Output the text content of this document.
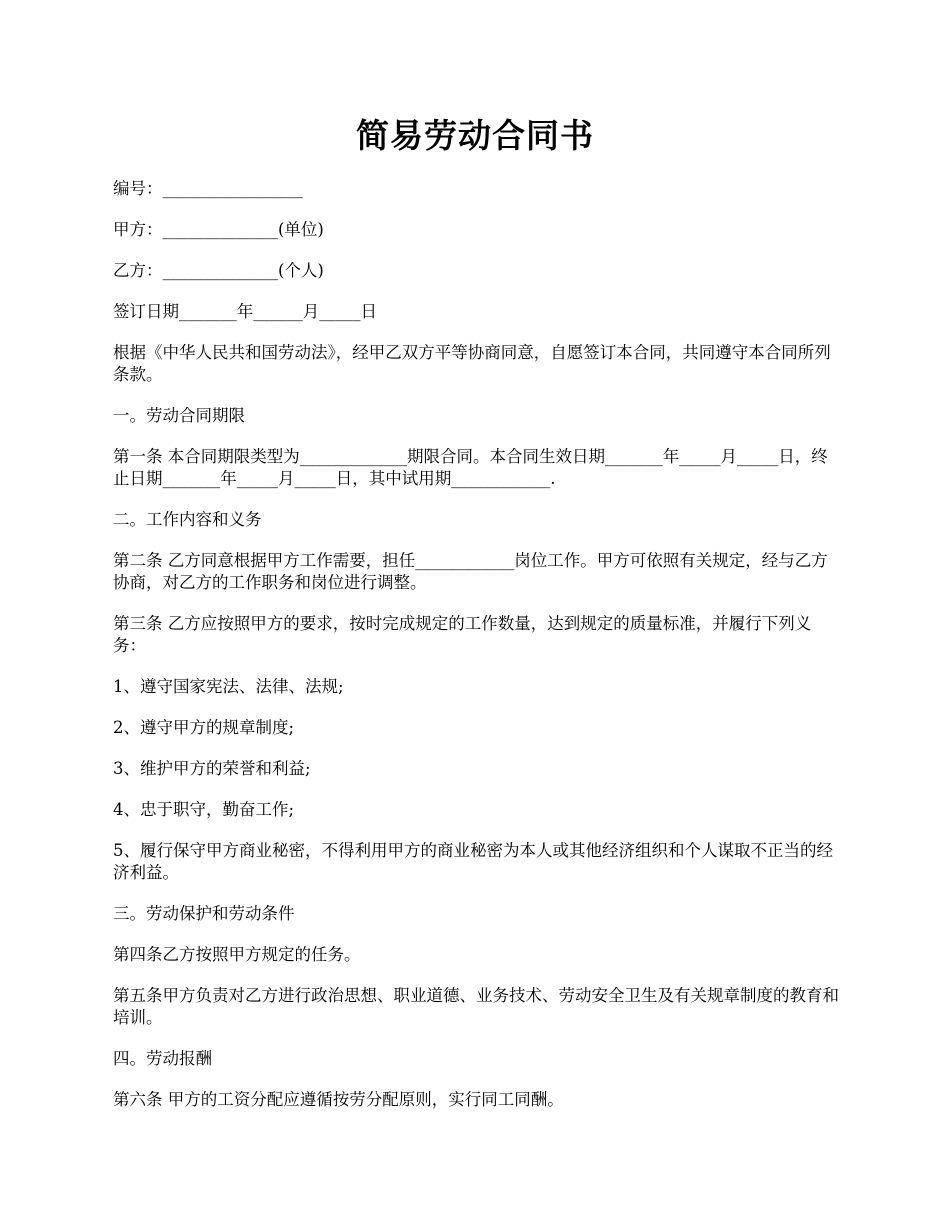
简易劳动合同书

编号：_________________

甲方：______________(单位)

乙方：______________(个人)

签订日期_______年______月_____日

根据《中华人民共和国劳动法》，经甲乙双方平等协商同意，自愿签订本合同，共同遵守本合同所列条款。

一。劳动合同期限

第一条 本合同期限类型为_____________期限合同。本合同生效日期_______年_____月_____日，终止日期_______年_____月_____日，其中试用期____________.

二。工作内容和义务

第二条 乙方同意根据甲方工作需要，担任____________岗位工作。甲方可依照有关规定，经与乙方协商，对乙方的工作职务和岗位进行调整。

第三条 乙方应按照甲方的要求，按时完成规定的工作数量，达到规定的质量标准，并履行下列义务：

1、遵守国家宪法、法律、法规;

2、遵守甲方的规章制度;

3、维护甲方的荣誉和利益;

4、忠于职守，勤奋工作;

5、履行保守甲方商业秘密，不得利用甲方的商业秘密为本人或其他经济组织和个人谋取不正当的经济利益。

三。劳动保护和劳动条件

第四条乙方按照甲方规定的任务。

第五条甲方负责对乙方进行政治思想、职业道德、业务技术、劳动安全卫生及有关规章制度的教育和培训。

四。劳动报酬

第六条 甲方的工资分配应遵循按劳分配原则，实行同工同酬。
